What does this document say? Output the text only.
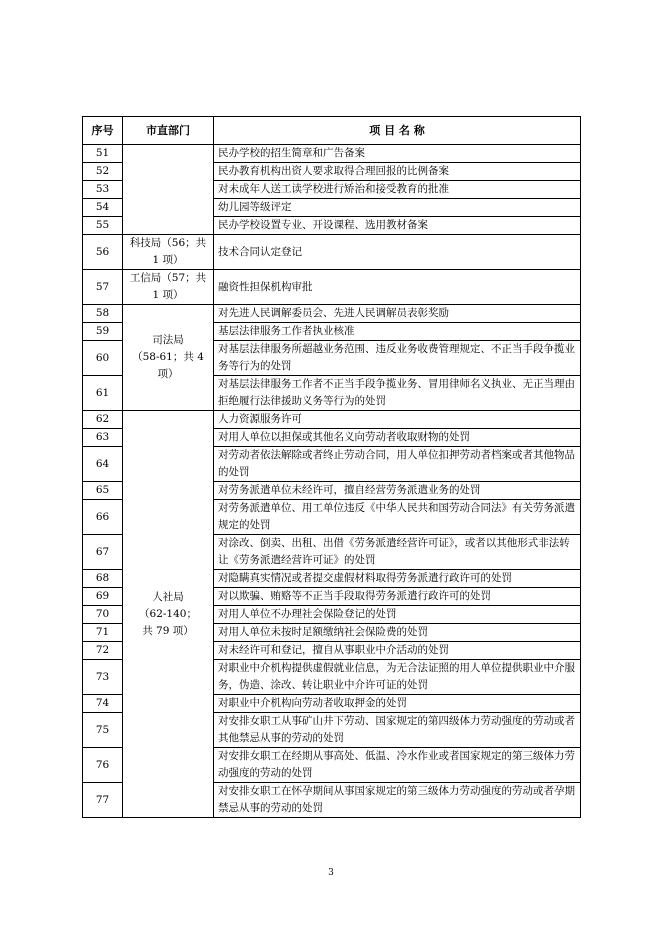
序号	市直部门	项 目 名 称
51		民办学校的招生简章和广告备案
52		民办教育机构出资人要求取得合理回报的比例备案
53		对未成年人送工读学校进行矫治和接受教育的批准
54		幼儿园等级评定
55		民办学校设置专业、开设课程、选用教材备案
56	科技局（56；共
1 项）	技术合同认定登记
57	工信局（57；共
1 项）	融资性担保机构审批
58	司法局
（58-61；共 4
项）	对先进人民调解委员会、先进人民调解员表彰奖励
59		基层法律服务工作者执业核准
60		对基层法律服务所超越业务范围、违反业务收费管理规定、不正当手段争揽业务等行为的处罚
61		对基层法律服务工作者不正当手段争揽业务、冒用律师名义执业、无正当理由拒绝履行法律援助义务等行为的处罚
62	人社局
（62-140；
共 79 项）	人力资源服务许可
63		对用人单位以担保或其他名义向劳动者收取财物的处罚
64		对劳动者依法解除或者终止劳动合同，用人单位扣押劳动者档案或者其他物品的处罚
65		对劳务派遣单位未经许可，擅自经营劳务派遣业务的处罚
66		对劳务派遣单位、用工单位违反《中华人民共和国劳动合同法》有关劳务派遣规定的处罚
67		对涂改、倒卖、出租、出借《劳务派遣经营许可证》，或者以其他形式非法转让《劳务派遣经营许可证》的处罚
68		对隐瞒真实情况或者提交虚假材料取得劳务派遣行政许可的处罚
69		对以欺骗、贿赂等不正当手段取得劳务派遣行政许可的处罚
70		对用人单位不办理社会保险登记的处罚
71		对用人单位未按时足额缴纳社会保险费的处罚
72		对未经许可和登记，擅自从事职业中介活动的处罚
73		对职业中介机构提供虚假就业信息，为无合法证照的用人单位提供职业中介服务，伪造、涂改、转让职业中介许可证的处罚
74		对职业中介机构向劳动者收取押金的处罚
75		对安排女职工从事矿山井下劳动、国家规定的第四级体力劳动强度的劳动或者其他禁忌从事的劳动的处罚
76		对安排女职工在经期从事高处、低温、冷水作业或者国家规定的第三级体力劳动强度的劳动的处罚
77		对安排女职工在怀孕期间从事国家规定的第三级体力劳动强度的劳动或者孕期禁忌从事的劳动的处罚
3
